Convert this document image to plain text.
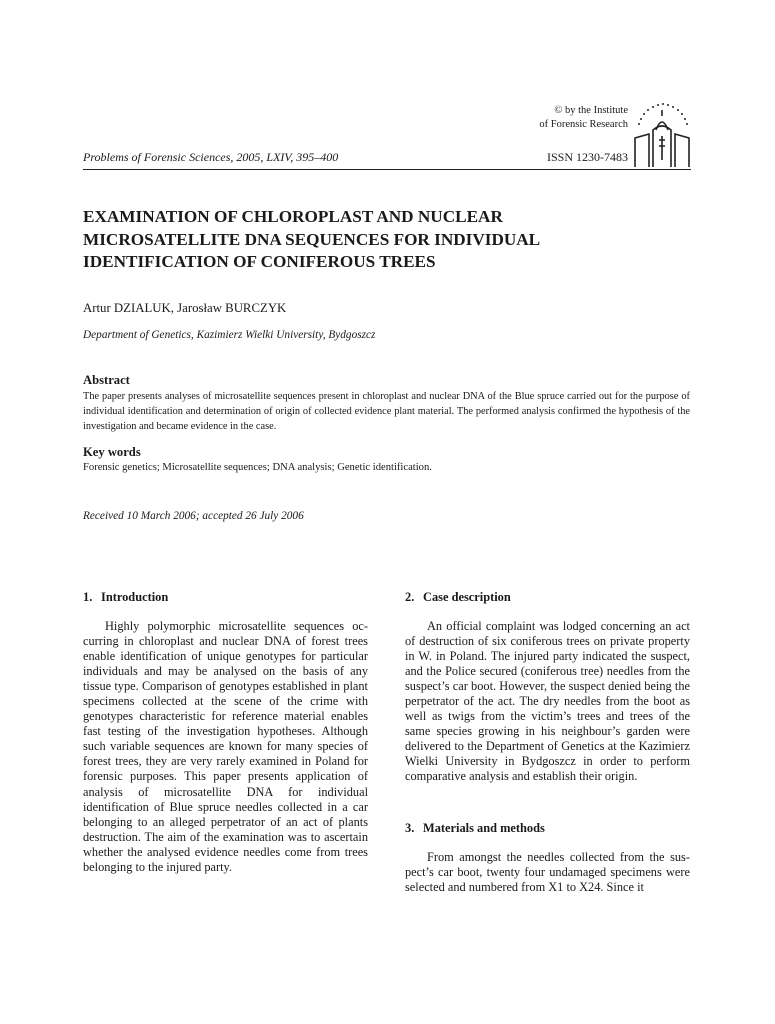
© by the Institute
of Forensic Research
Problems of Forensic Sciences, 2005, LXIV, 395–400	ISSN 1230-7483
EXAMINATION OF CHLOROPLAST AND NUCLEAR
MICROSATELLITE DNA SEQUENCES FOR INDIVIDUAL
IDENTIFICATION OF CONIFEROUS TREES
Artur DZIALUK, Jarosław BURCZYK
Department of Genetics, Kazimierz Wielki University, Bydgoszcz
Abstract

The paper presents analyses of microsatellite sequences present in chloroplast and nuclear DNA of the Blue spruce carried out for the purpose of individual identification and determination of origin of collected evidence plant material. The performed analysis confirmed the hypothesis of the investigation and became evidence in the case.

Key words

Forensic genetics; Microsatellite sequences; DNA analysis; Genetic identification.

Received 10 March 2006; accepted 26 July 2006

1. Introduction

Highly polymorphic microsatellite sequences occurring in chloroplast and nuclear DNA of forest trees enable identification of unique genotypes for particular individuals and may be analysed on the basis of any tissue type. Comparison of genotypes established in plant specimens collected at the scene of the crime with genotypes characteristic for reference material enables fast testing of the investigation hypotheses. Although such variable sequences are known for many species of forest trees, they are very rarely examined in Poland for forensic purposes. This paper presents application of analysis of microsatellite DNA for individual identification of Blue spruce needles collected in a car belonging to an alleged perpetrator of an act of plants destruction. The aim of the examination was to ascertain whether the analysed evidence needles come from trees belonging to the injured party.

2. Case description

An official complaint was lodged concerning an act of destruction of six coniferous trees on private property in W. in Poland. The injured party indicated the suspect, and the Police secured (coniferous tree) needles from the suspect’s car boot. However, the suspect denied being the perpetrator of the act. The dry needles from the boot as well as twigs from the victim’s trees and trees of the same species growing in his neighbour’s garden were delivered to the Department of Genetics at the Kazimierz Wielki University in Bydgoszcz in order to perform comparative analysis and establish their origin.

3. Materials and methods

From amongst the needles collected from the suspect’s car boot, twenty four undamaged specimens were selected and numbered from X1 to X24. Since it
